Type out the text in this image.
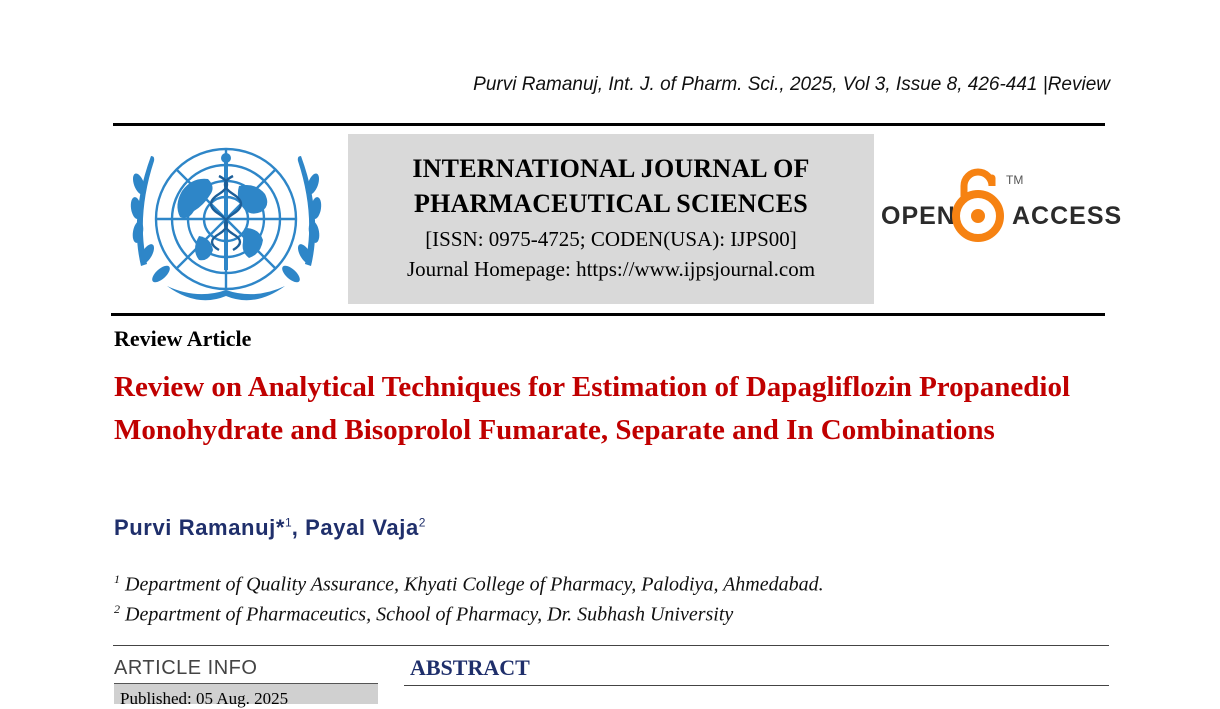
Purvi Ramanuj, Int. J. of Pharm. Sci., 2025, Vol 3, Issue 8, 426-441 |Review
INTERNATIONAL JOURNAL OF
PHARMACEUTICAL SCIENCES
[ISSN: 0975-4725; CODEN(USA): IJPS00]
Journal Homepage: https://www.ijpsjournal.com
OPEN
TM
ACCESS
Review Article
Review on Analytical Techniques for Estimation of Dapagliflozin Propanediol Monohydrate and Bisoprolol Fumarate, Separate and In Combinations
Purvi Ramanuj*$^1$, Payal Vaja$^2$
$^1$ Department of Quality Assurance, Khyati College of Pharmacy, Palodiya, Ahmedabad.
$^2$ Department of Pharmaceutics, School of Pharmacy, Dr. Subhash University
ARTICLE INFO
Published: 05 Aug. 2025
ABSTRACT
